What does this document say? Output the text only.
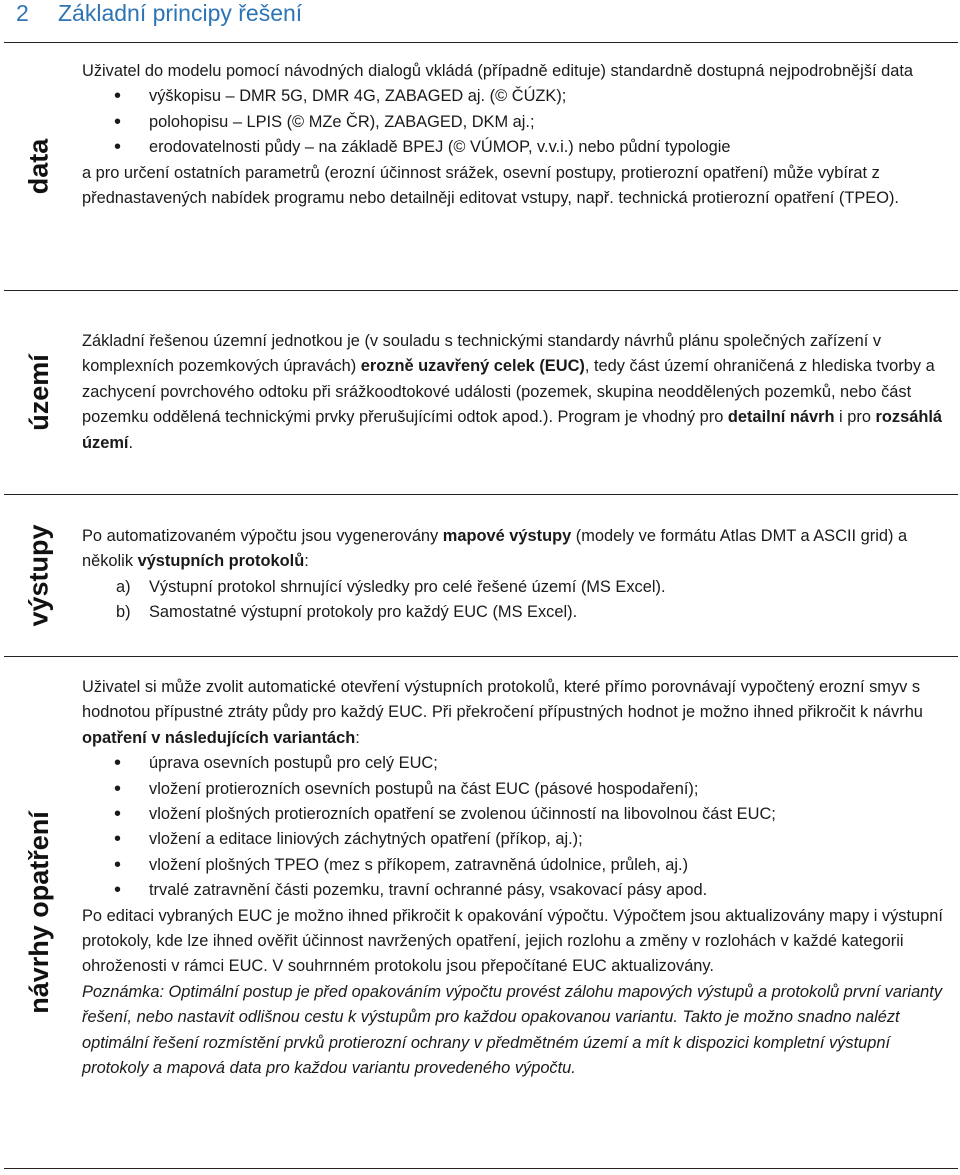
2 Základní principy řešení
data

Uživatel do modelu pomocí návodných dialogů vkládá (případně edituje) standardně dostupná nejpodrobnější data

• výškopisu – DMR 5G, DMR 4G, ZABAGED aj. (© ČÚZK);
• polohopisu – LPIS (© MZe ČR), ZABAGED, DKM aj.;
• erodovatelnosti půdy – na základě BPEJ (© VÚMOP, v.v.i.) nebo půdní typologie

a pro určení ostatních parametrů (erozní účinnost srážek, osevní postupy, protierozní opatření) může vybírat z přednastavených nabídek programu nebo detailněji editovat vstupy, např. technická protierozní opatření (TPEO).

území

Základní řešenou územní jednotkou je (v souladu s technickými standardy návrhů plánu společných zařízení v komplexních pozemkových úpravách) erozně uzavřený celek (EUC), tedy část území ohraničená z hlediska tvorby a zachycení povrchového odtoku při srážkoodtokové události (pozemek, skupina neoddělených pozemků, nebo část pozemku oddělená technickými prvky přerušujícími odtok apod.). Program je vhodný pro detailní návrh i pro rozsáhlá území.

výstupy Po automatizovaném výpočtu jsou vygenerovány mapové výstupy (modely ve formátu Atlas DMT a ASCII grid) a několik výstupních protokolů:

a) Výstupní protokol shrnující výsledky pro celé řešené území (MS Excel).
b) Samostatné výstupní protokoly pro každý EUC (MS Excel).
návrhy opatření

Uživatel si může zvolit automatické otevření výstupních protokolů, které přímo porovnávají vypočtený erozní smyv s hodnotou přípustné ztráty půdy pro každý EUC. Při překročení přípustných hodnot je možno ihned přikročit k návrhu opatření v následujících variantách:

• úprava osevních postupů pro celý EUC;
• vložení protierozních osevních postupů na část EUC (pásové hospodaření);
• vložení plošných protierozních opatření se zvolenou účinností na libovolnou část EUC;
• vložení a editace liniových záchytných opatření (příkop, aj.);
• vložení plošných TPEO (mez s příkopem, zatravněná údolnice, průleh, aj.)
• trvalé zatravnění části pozemku, travní ochranné pásy, vsakovací pásy apod.

Po editaci vybraných EUC je možno ihned přikročit k opakování výpočtu. Výpočtem jsou aktualizovány mapy i výstupní protokoly, kde lze ihned ověřit účinnost navržených opatření, jejich rozlohu a změny v rozlohách v každé kategorii ohroženosti v rámci EUC. V souhrnném protokolu jsou přepočítané EUC aktualizovány.

Poznámka: Optimální postup je před opakováním výpočtu provést zálohu mapových výstupů a protokolů první varianty řešení, nebo nastavit odlišnou cestu k výstupům pro každou opakovanou variantu. Takto je možno snadno nalézt optimální řešení rozmístění prvků protierozní ochrany v předmětném území a mít k dispozici kompletní výstupní protokoly a mapová data pro každou variantu provedeného výpočtu.
